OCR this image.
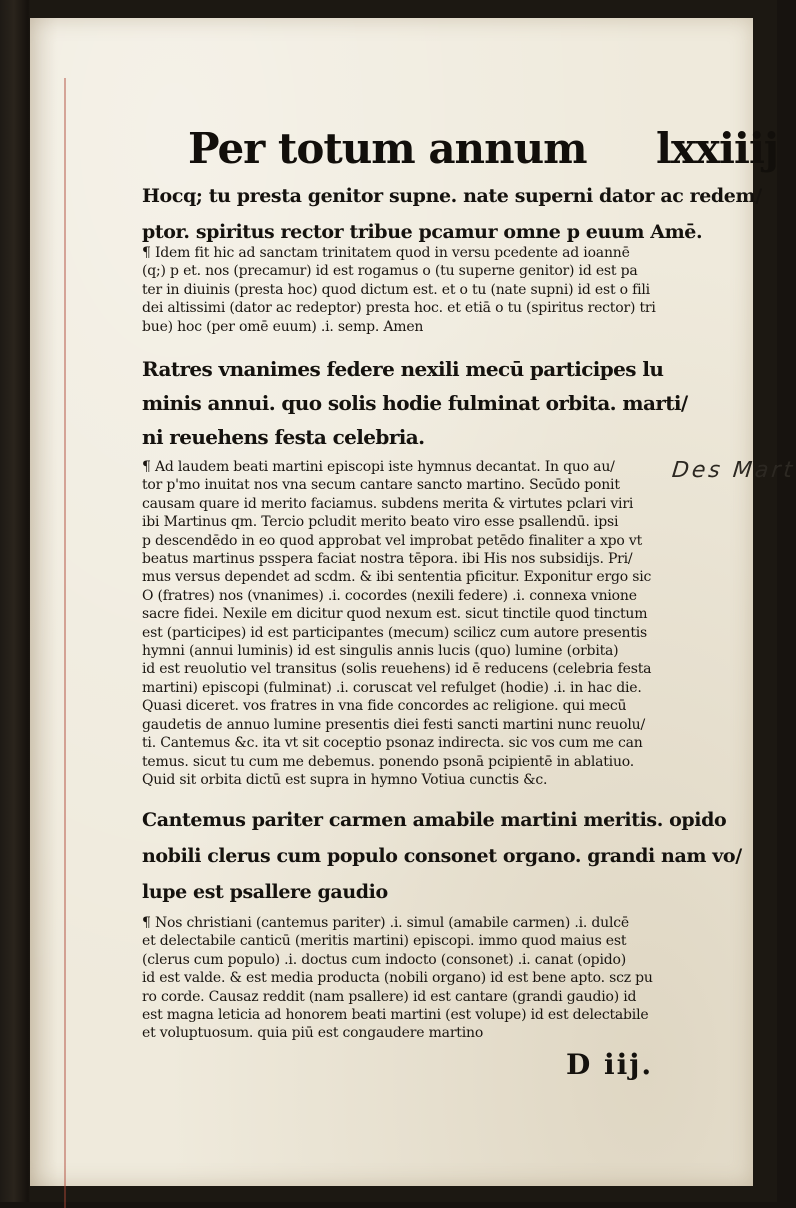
Per totum annum lxxiiij
Hocq; tu presta genitor supne. nate superni dator ac redem/
ptor. spiritus rector tribue pcamur omne p euum Amē.
¶ Idem fit hic ad sanctam trinitatem quod in versu pcedente ad ioannē
(q;) p et. nos (precamur) id est rogamus o (tu superne genitor) id est pa
ter in diuinis (presta hoc) quod dictum est. et o tu (nate supni) id est o fili
dei altissimi (dator ac redeptor) presta hoc. et etiā o tu (spiritus rector) tri
bue) hoc (per omē euum) .i. semp. Amen
Ratres vnanimes federe nexili mecū participes lu
minis annui. quo solis hodie fulminat orbita. marti/
ni reuehens festa celebria.
¶ Ad laudem beati martini episcopi iste hymnus decantat. In quo au/
tor p'mo inuitat nos vna secum cantare sancto martino. Secūdo ponit
causam quare id merito faciamus. subdens merita & virtutes pclari viri
ibi Martinus qm. Tercio pcludit merito beato viro esse psallendū. ipsi
p descendēdo in eo quod approbat vel improbat petēdo finaliter a xpo vt
beatus martinus psspera faciat nostra tēpora. ibi His nos subsidijs. Pri/
mus versus dependet ad scdm. & ibi sententia pficitur. Exponitur ergo sic
O (fratres) nos (vnanimes) .i. cocordes (nexili federe) .i. connexa vnione
sacre fidei. Nexile em dicitur quod nexum est. sicut tinctile quod tinctum
est (participes) id est participantes (mecum) scilicz cum autore presentis
hymni (annui luminis) id est singulis annis lucis (quo) lumine (orbita)
id est reuolutio vel transitus (solis reuehens) id ē reducens (celebria festa
martini) episcopi (fulminat) .i. coruscat vel refulget (hodie) .i. in hac die.
Quasi diceret. vos fratres in vna fide concordes ac religione. qui mecū
gaudetis de annuo lumine presentis diei festi sancti martini nunc reuolu/
ti. Cantemus &c. ita vt sit coceptio psonaz indirecta. sic vos cum me can
temus. sicut tu cum me debemus. ponendo psonā pcipientē in ablatiuo.
Quid sit orbita dictū est supra in hymno Votiua cunctis &c.
Cantemus pariter carmen amabile martini meritis. opido
nobili clerus cum populo consonet organo. grandi nam vo/
lupe est psallere gaudio
¶ Nos christiani (cantemus pariter) .i. simul (amabile carmen) .i. dulcē
et delectabile canticū (meritis martini) episcopi. immo quod maius est
(clerus cum populo) .i. doctus cum indocto (consonet) .i. canat (opido)
id est valde. & est media producta (nobili organo) id est bene apto. scz pu
ro corde. Causaz reddit (nam psallere) id est cantare (grandi gaudio) id
est magna leticia ad honorem beati martini (est volupe) id est delectabile
et voluptuosum. quia piū est congaudere martino
Des Mart
D iij.
